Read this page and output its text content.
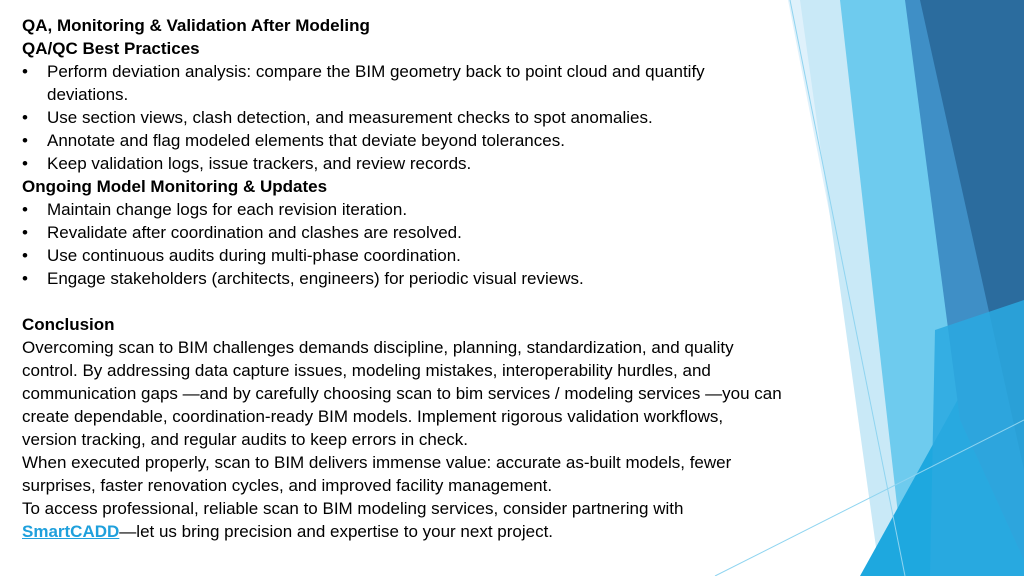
QA, Monitoring & Validation After Modeling
QA/QC Best Practices
• Perform deviation analysis: compare the BIM geometry back to point cloud and quantify deviations.
• Use section views, clash detection, and measurement checks to spot anomalies.
• Annotate and flag modeled elements that deviate beyond tolerances.
• Keep validation logs, issue trackers, and review records.
Ongoing Model Monitoring & Updates
• Maintain change logs for each revision iteration.
• Revalidate after coordination and clashes are resolved.
• Use continuous audits during multi-phase coordination.
• Engage stakeholders (architects, engineers) for periodic visual reviews.
Conclusion
Overcoming scan to BIM challenges demands discipline, planning, standardization, and quality control. By addressing data capture issues, modeling mistakes, interoperability hurdles, and communication gaps —and by carefully choosing scan to bim services / modeling services —you can create dependable, coordination-ready BIM models. Implement rigorous validation workflows, version tracking, and regular audits to keep errors in check.
When executed properly, scan to BIM delivers immense value: accurate as-built models, fewer surprises, faster renovation cycles, and improved facility management.
To access professional, reliable scan to BIM modeling services, consider partnering with SmartCADD—let us bring precision and expertise to your next project.
